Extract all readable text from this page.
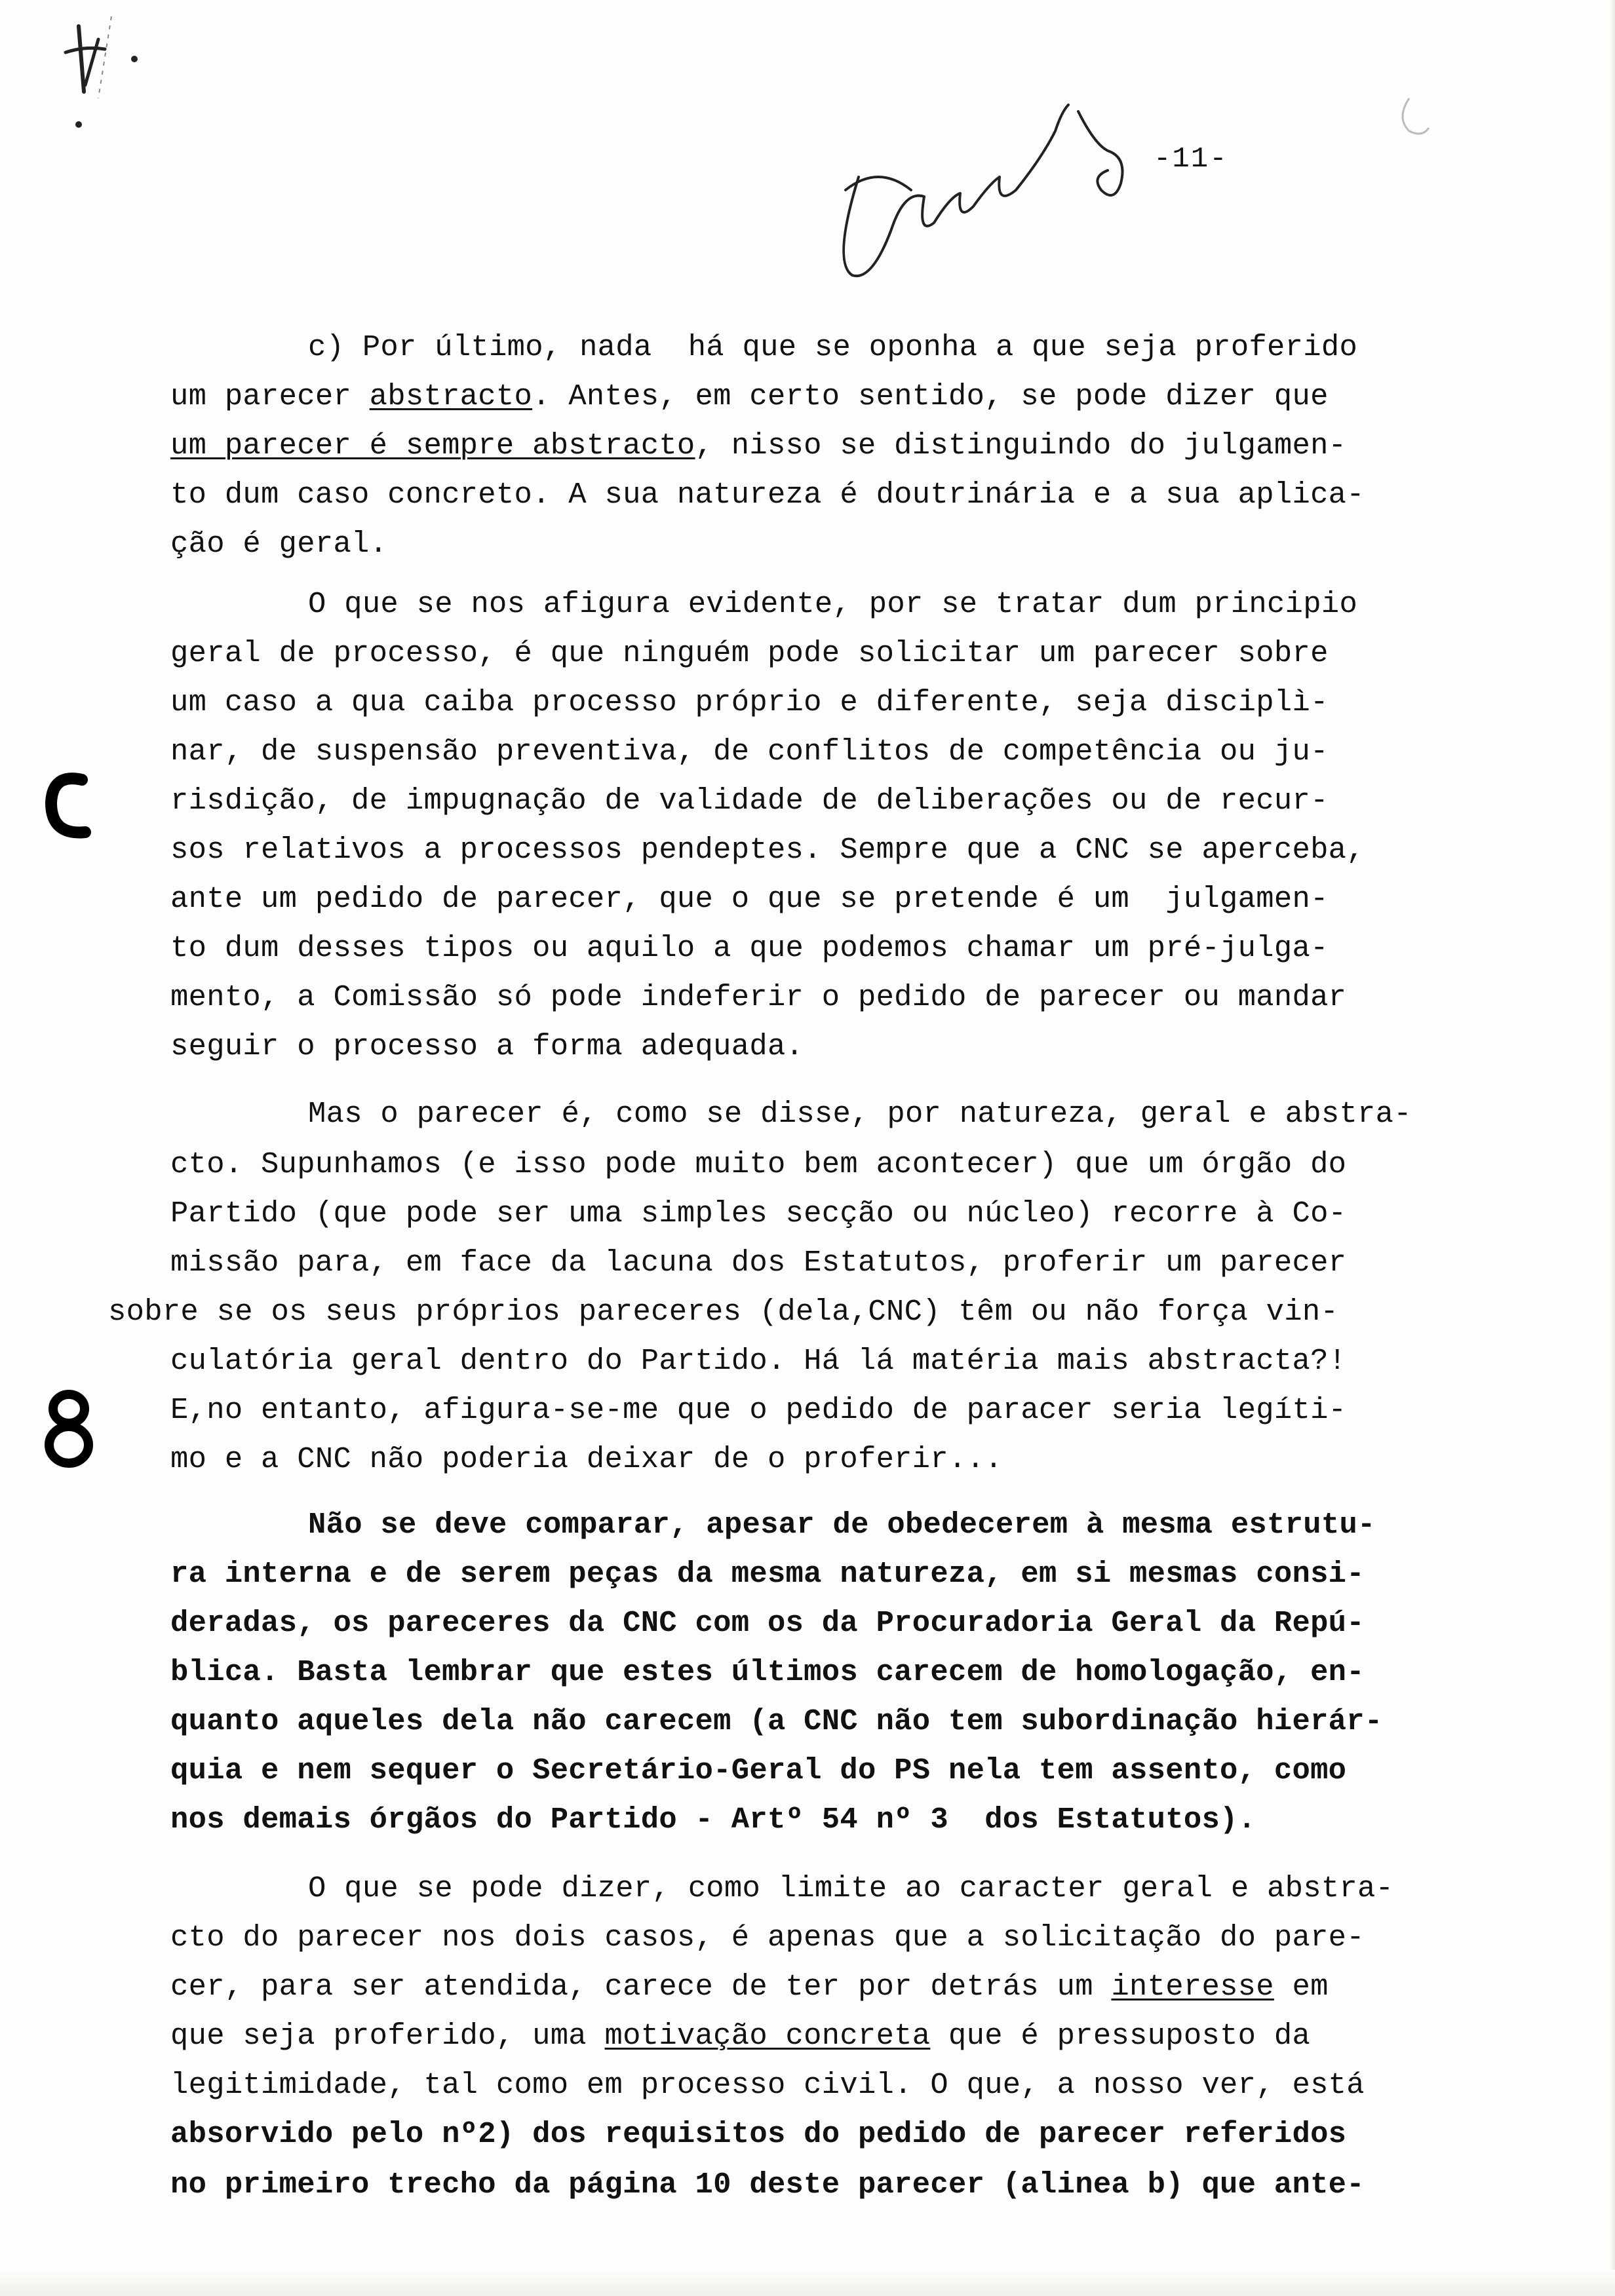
-11-
c) Por último, nada  há que se oponha a que seja proferido
um parecer abstracto. Antes, em certo sentido, se pode dizer que
um parecer é sempre abstracto, nisso se distinguindo do julgamen-
to dum caso concreto. A sua natureza é doutrinária e a sua aplica-
ção é geral.
O que se nos afigura evidente, por se tratar dum principio
geral de processo, é que ninguém pode solicitar um parecer sobre
um caso a qua caiba processo próprio e diferente, seja disciplì-
nar, de suspensão preventiva, de conflitos de competência ou ju-
risdição, de impugnação de validade de deliberações ou de recur-
sos relativos a processos pendeptes. Sempre que a CNC se aperceba,
ante um pedido de parecer, que o que se pretende é um  julgamen-
to dum desses tipos ou aquilo a que podemos chamar um pré-julga-
mento, a Comissão só pode indeferir o pedido de parecer ou mandar
seguir o processo a forma adequada.
Mas o parecer é, como se disse, por natureza, geral e abstra-
cto. Supunhamos (e isso pode muito bem acontecer) que um órgão do
Partido (que pode ser uma simples secção ou núcleo) recorre à Co-
missão para, em face da lacuna dos Estatutos, proferir um parecer
sobre se os seus próprios pareceres (dela,CNC) têm ou não força vin-
culatória geral dentro do Partido. Há lá matéria mais abstracta?!
E,no entanto, afigura-se-me que o pedido de paracer seria legíti-
mo e a CNC não poderia deixar de o proferir...
Não se deve comparar, apesar de obedecerem à mesma estrutu-
ra interna e de serem peças da mesma natureza, em si mesmas consi-
deradas, os pareceres da CNC com os da Procuradoria Geral da Repú-
blica. Basta lembrar que estes últimos carecem de homologação, en-
quanto aqueles dela não carecem (a CNC não tem subordinação hierár-
quia e nem sequer o Secretário-Geral do PS nela tem assento, como
nos demais órgãos do Partido - Artº 54 nº 3  dos Estatutos).
O que se pode dizer, como limite ao caracter geral e abstra-
cto do parecer nos dois casos, é apenas que a solicitação do pare-
cer, para ser atendida, carece de ter por detrás um interesse em
que seja proferido, uma motivação concreta que é pressuposto da
legitimidade, tal como em processo civil. O que, a nosso ver, está
absorvido pelo nº2) dos requisitos do pedido de parecer referidos
no primeiro trecho da página 10 deste parecer (alinea b) que ante-
